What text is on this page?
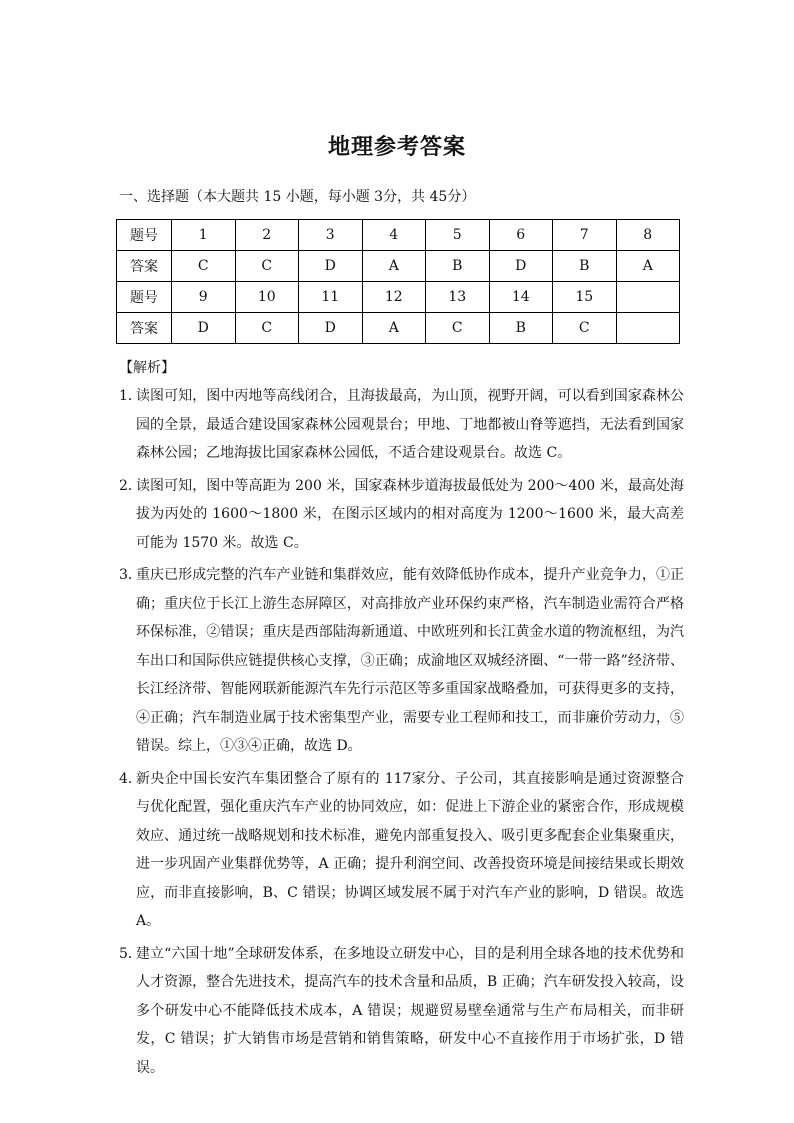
地理参考答案
一、选择题（本大题共 15 小题，每小题 3分，共 45分）
题号	1	2	3	4	5	6	7	8
答案	C	C	D	A	B	D	B	A
题号	9	10	11	12	13	14	15	
答案	D	C	D	A	C	B	C	
【解析】
1．
读图可知，图中丙地等高线闭合，且海拔最高，为山顶，视野开阔，可以看到国家森林公园的全景，最适合建设国家森林公园观景台；甲地、丁地都被山脊等遮挡，无法看到国家森林公园；乙地海拔比国家森林公园低，不适合建设观景台。故选 C。
2．
读图可知，图中等高距为 200 米，国家森林步道海拔最低处为 200～400 米，最高处海拔为丙处的 1600～1800 米，在图示区域内的相对高度为 1200～1600 米，最大高差可能为 1570 米。故选 C。
3．
重庆已形成完整的汽车产业链和集群效应，能有效降低协作成本，提升产业竞争力，①正确；重庆位于长江上游生态屏障区，对高排放产业环保约束严格，汽车制造业需符合严格环保标准，②错误；重庆是西部陆海新通道、中欧班列和长江黄金水道的物流枢纽，为汽车出口和国际供应链提供核心支撑，③正确；成渝地区双城经济圈、“一带一路”经济带、长江经济带、智能网联新能源汽车先行示范区等多重国家战略叠加，可获得更多的支持，④正确；汽车制造业属于技术密集型产业，需要专业工程师和技工，而非廉价劳动力，⑤错误。综上，①③④正确，故选 D。
4．
新央企中国长安汽车集团整合了原有的 117家分、子公司，其直接影响是通过资源整合与优化配置，强化重庆汽车产业的协同效应，如：促进上下游企业的紧密合作，形成规模效应、通过统一战略规划和技术标准，避免内部重复投入、吸引更多配套企业集聚重庆，进一步巩固产业集群优势等，A 正确；提升利润空间、改善投资环境是间接结果或长期效应，而非直接影响，B、C 错误；协调区域发展不属于对汽车产业的影响，D 错误。故选 A。
5．
建立“六国十地”全球研发体系，在多地设立研发中心，目的是利用全球各地的技术优势和人才资源，整合先进技术，提高汽车的技术含量和品质，B 正确；汽车研发投入较高，设多个研发中心不能降低技术成本，A 错误；规避贸易壁垒通常与生产布局相关，而非研发，C 错误；扩大销售市场是营销和销售策略，研发中心不直接作用于市场扩张，D 错误。
